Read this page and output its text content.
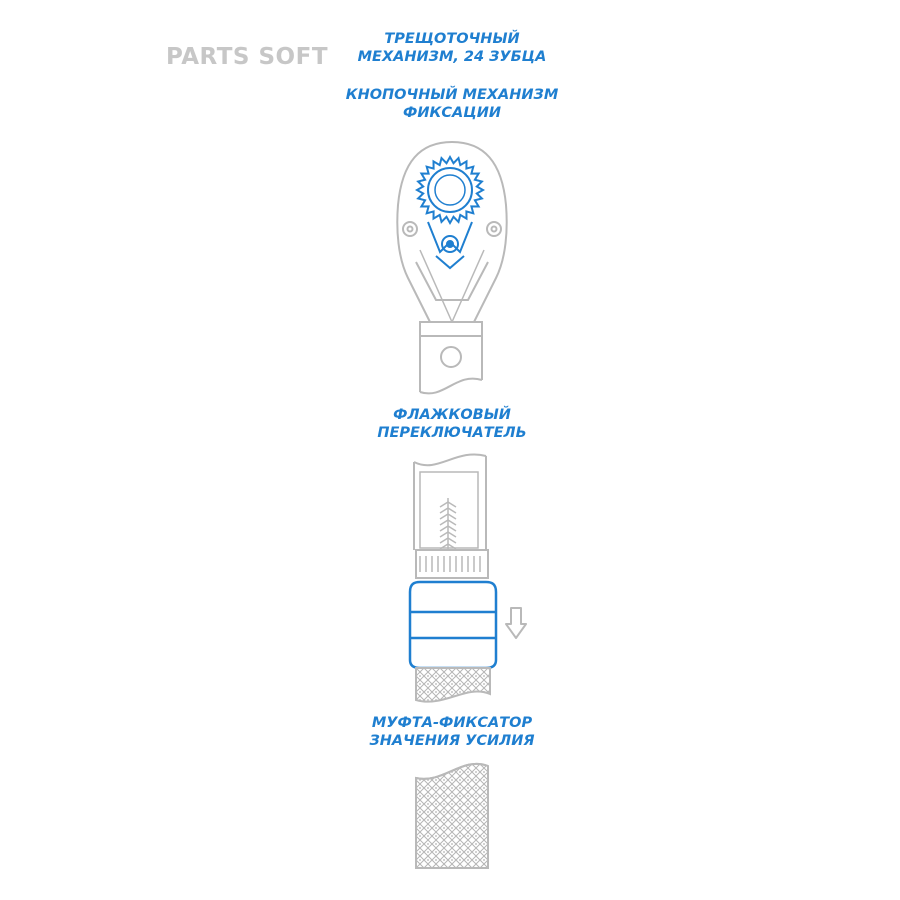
PARTS SOFT
ТРЕЩОТОЧНЫЙ
МЕХАНИЗМ, 24 ЗУБЦА
КНОПОЧНЫЙ МЕХАНИЗМ
ФИКСАЦИИ
ФЛАЖКОВЫЙ
ПЕРЕКЛЮЧАТЕЛЬ
МУФТА-ФИКСАТОР
ЗНАЧЕНИЯ УСИЛИЯ
